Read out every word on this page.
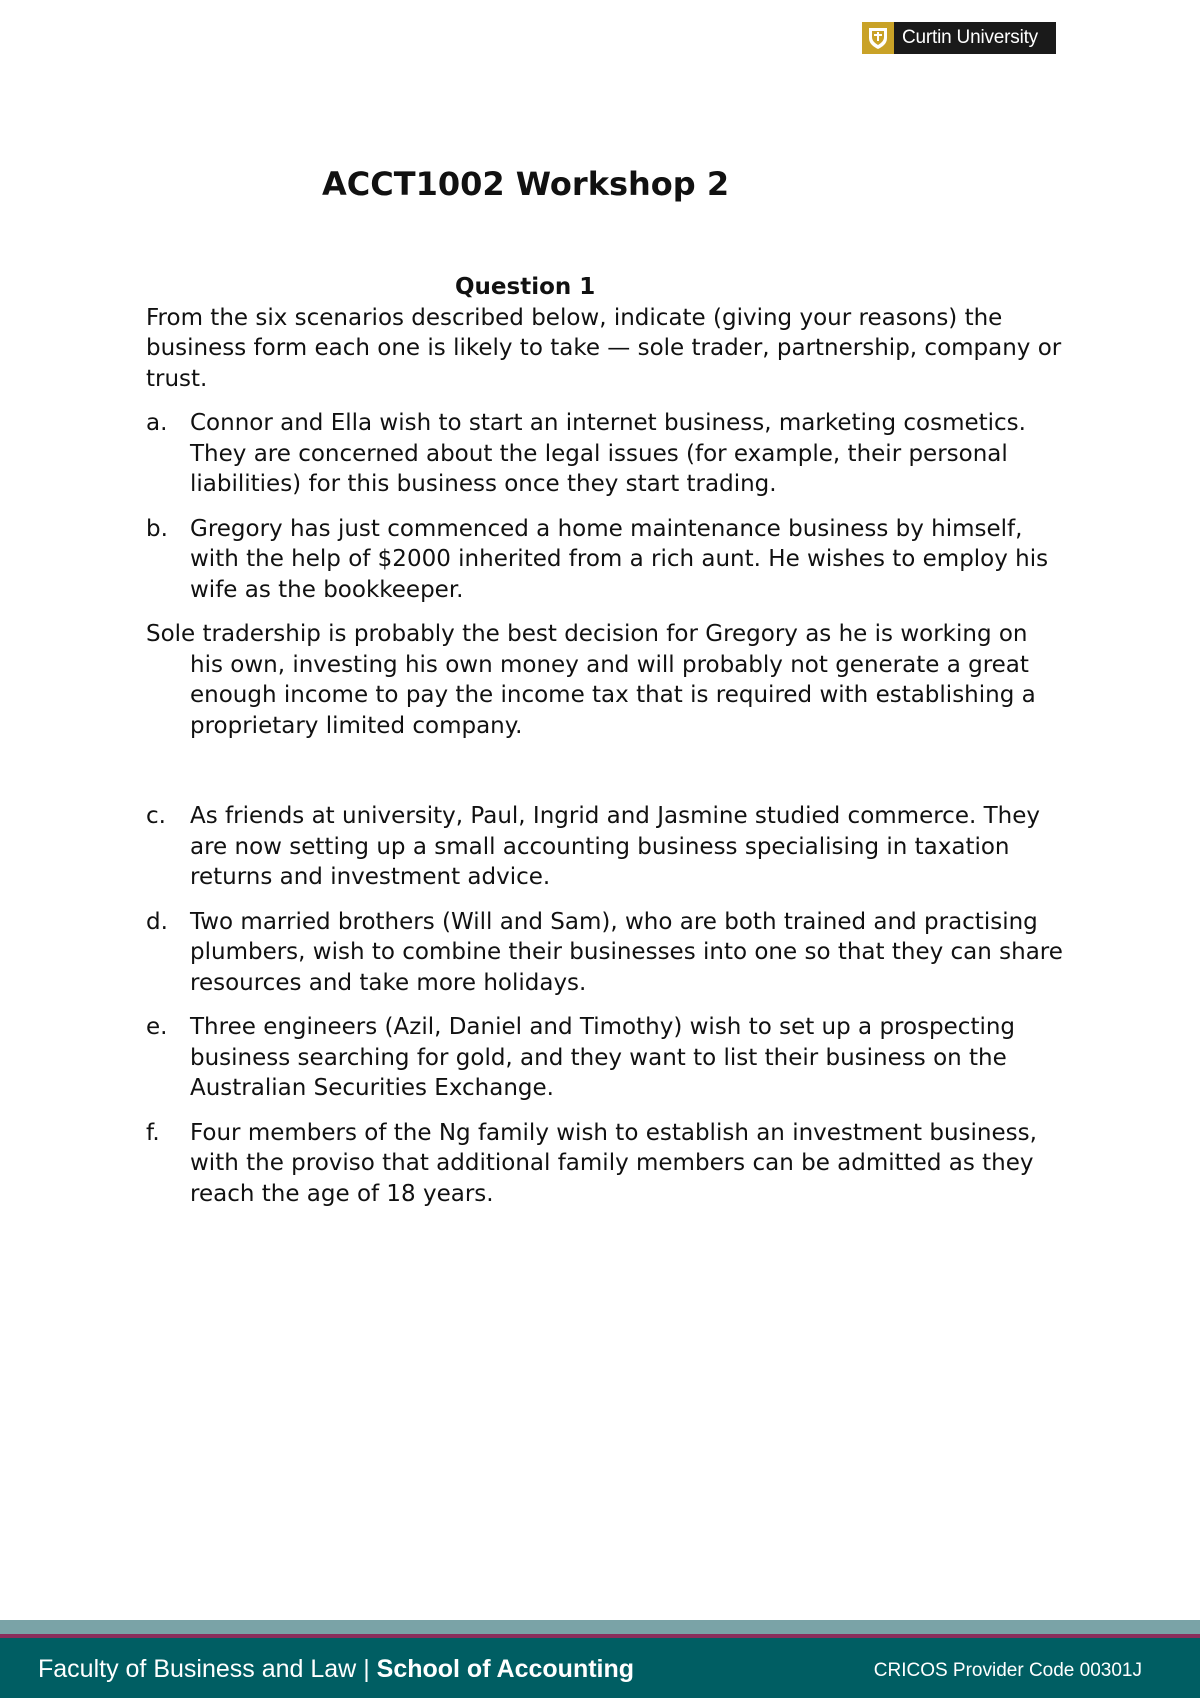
Curtin University
ACCT1002 Workshop 2

Question 1

From the six scenarios described below, indicate (giving your reasons) the business form each one is likely to take — sole trader, partnership, company or trust.

a. Connor and Ella wish to start an internet business, marketing cosmetics. They are concerned about the legal issues (for example, their personal liabilities) for this business once they start trading.
b. Gregory has just commenced a home maintenance business by himself, with the help of $2000 inherited from a rich aunt. He wishes to employ his wife as the bookkeeper.

Sole tradership is probably the best decision for Gregory as he is working on his own, investing his own money and will probably not generate a great enough income to pay the income tax that is required with establishing a proprietary limited company.

c. As friends at university, Paul, Ingrid and Jasmine studied commerce. They are now setting up a small accounting business specialising in taxation returns and investment advice.
d. Two married brothers (Will and Sam), who are both trained and practising plumbers, wish to combine their businesses into one so that they can share resources and take more holidays.
e. Three engineers (Azil, Daniel and Timothy) wish to set up a prospecting business searching for gold, and they want to list their business on the Australian Securities Exchange.
f. Four members of the Ng family wish to establish an investment business, with the proviso that additional family members can be admitted as they reach the age of 18 years.
Faculty of Business and Law | School of Accounting	CRICOS Provider Code 00301J
